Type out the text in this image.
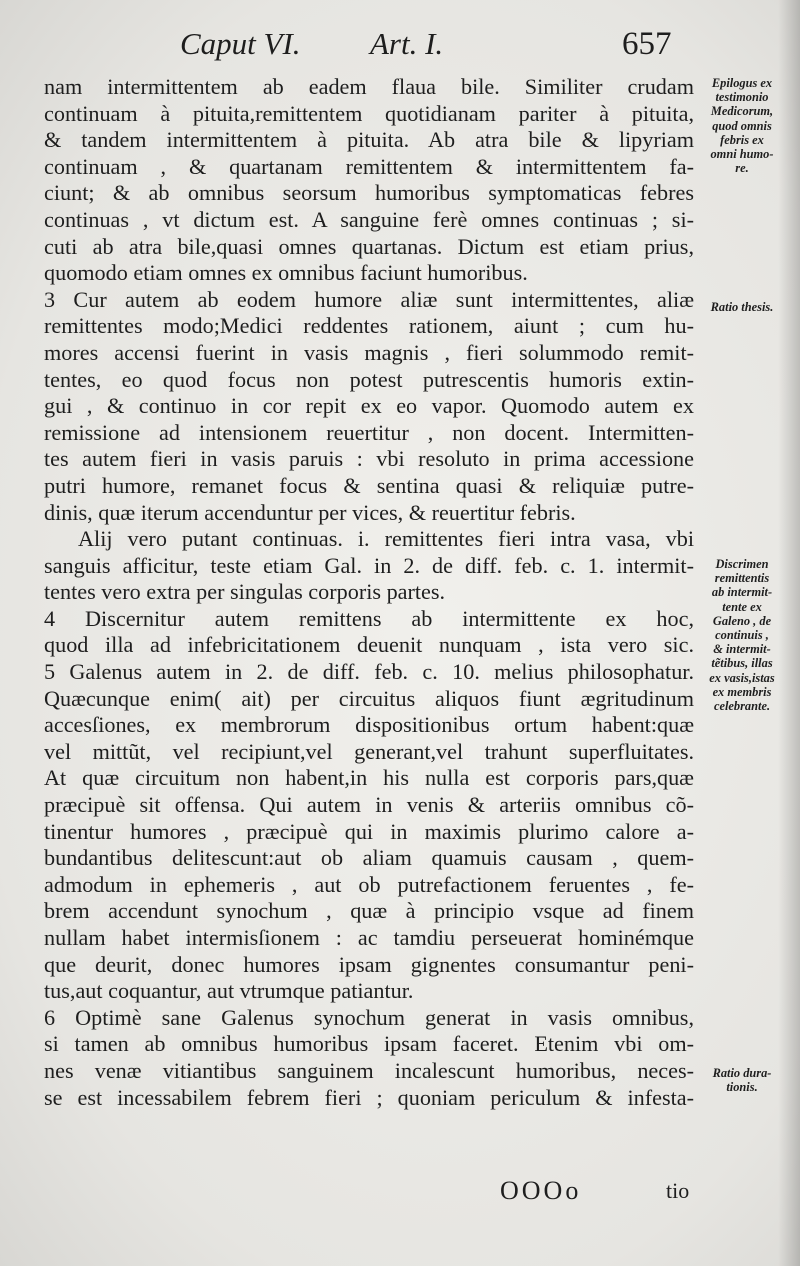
Caput VI. Art. I.	657
nam intermittentem ab eadem flaua bile. Similiter crudam
continuam à pituita,remittentem quotidianam pariter à pituita,
& tandem intermittentem à pituita. Ab atra bile & lipyriam
continuam , & quartanam remittentem & intermittentem fa-
ciunt; & ab omnibus seorsum humoribus symptomaticas febres
continuas , vt dictum est. A sanguine ferè omnes continuas ; si-
cuti ab atra bile,quasi omnes quartanas. Dictum est etiam prius,
quomodo etiam omnes ex omnibus faciunt humoribus.
3 Cur autem ab eodem humore aliæ sunt intermittentes, aliæ
remittentes modo;Medici reddentes rationem, aiunt ; cum hu-
mores accensi fuerint in vasis magnis , fieri solummodo remit-
tentes, eo quod focus non potest putrescentis humoris extin-
gui , & continuo in cor repit ex eo vapor. Quomodo autem ex
remissione ad intensionem reuertitur , non docent. Intermitten-
tes autem fieri in vasis paruis : vbi resoluto in prima accessione
putri humore, remanet focus & sentina quasi & reliquiæ putre-
dinis, quæ iterum accenduntur per vices, & reuertitur febris.
Alij vero putant continuas. i. remittentes fieri intra vasa, vbi
sanguis afficitur, teste etiam Gal. in 2. de diff. feb. c. 1. intermit-
tentes vero extra per singulas corporis partes.
4 Discernitur autem remittens ab intermittente ex hoc,
quod illa ad infebricitationem deuenit nunquam , ista vero sic.
5 Galenus autem in 2. de diff. feb. c. 10. melius philosophatur.
Quæcunque enim( ait) per circuitus aliquos fiunt ægritudinum
accesſiones, ex membrorum dispositionibus ortum habent:quæ
vel mittũt, vel recipiunt,vel generant,vel trahunt superfluitates.
At quæ circuitum non habent,in his nulla est corporis pars,quæ
præcipuè sit offensa. Qui autem in venis & arteriis omnibus cõ-
tinentur humores , præcipuè qui in maximis plurimo calore a-
bundantibus delitescunt:aut ob aliam quamuis causam , quem-
admodum in ephemeris , aut ob putrefactionem feruentes , fe-
brem accendunt synochum , quæ à principio vsque ad finem
nullam habet intermisſionem : ac tamdiu perseuerat hominémque
que deurit, donec humores ipsam gignentes consumantur peni-
tus,aut coquantur, aut vtrumque patiantur.
6 Optimè sane Galenus synochum generat in vasis omnibus,
si tamen ab omnibus humoribus ipsam faceret. Etenim vbi om-
nes venæ vitiantibus sanguinem incalescunt humoribus, neces-
se est incessabilem febrem fieri ; quoniam periculum & infesta-
OOOo	tio
Epilogus ex
testimonio
Medicorum,
quod omnis
febris ex
omni humo-
re.
Ratio thesis.
Discrimen
remittentis
ab intermit-
tente ex
Galeno , de
continuis ,
& intermit-
tẽtibus, illas
ex vasis,istas
ex membris
celebrante.
Ratio dura-
tionis.
